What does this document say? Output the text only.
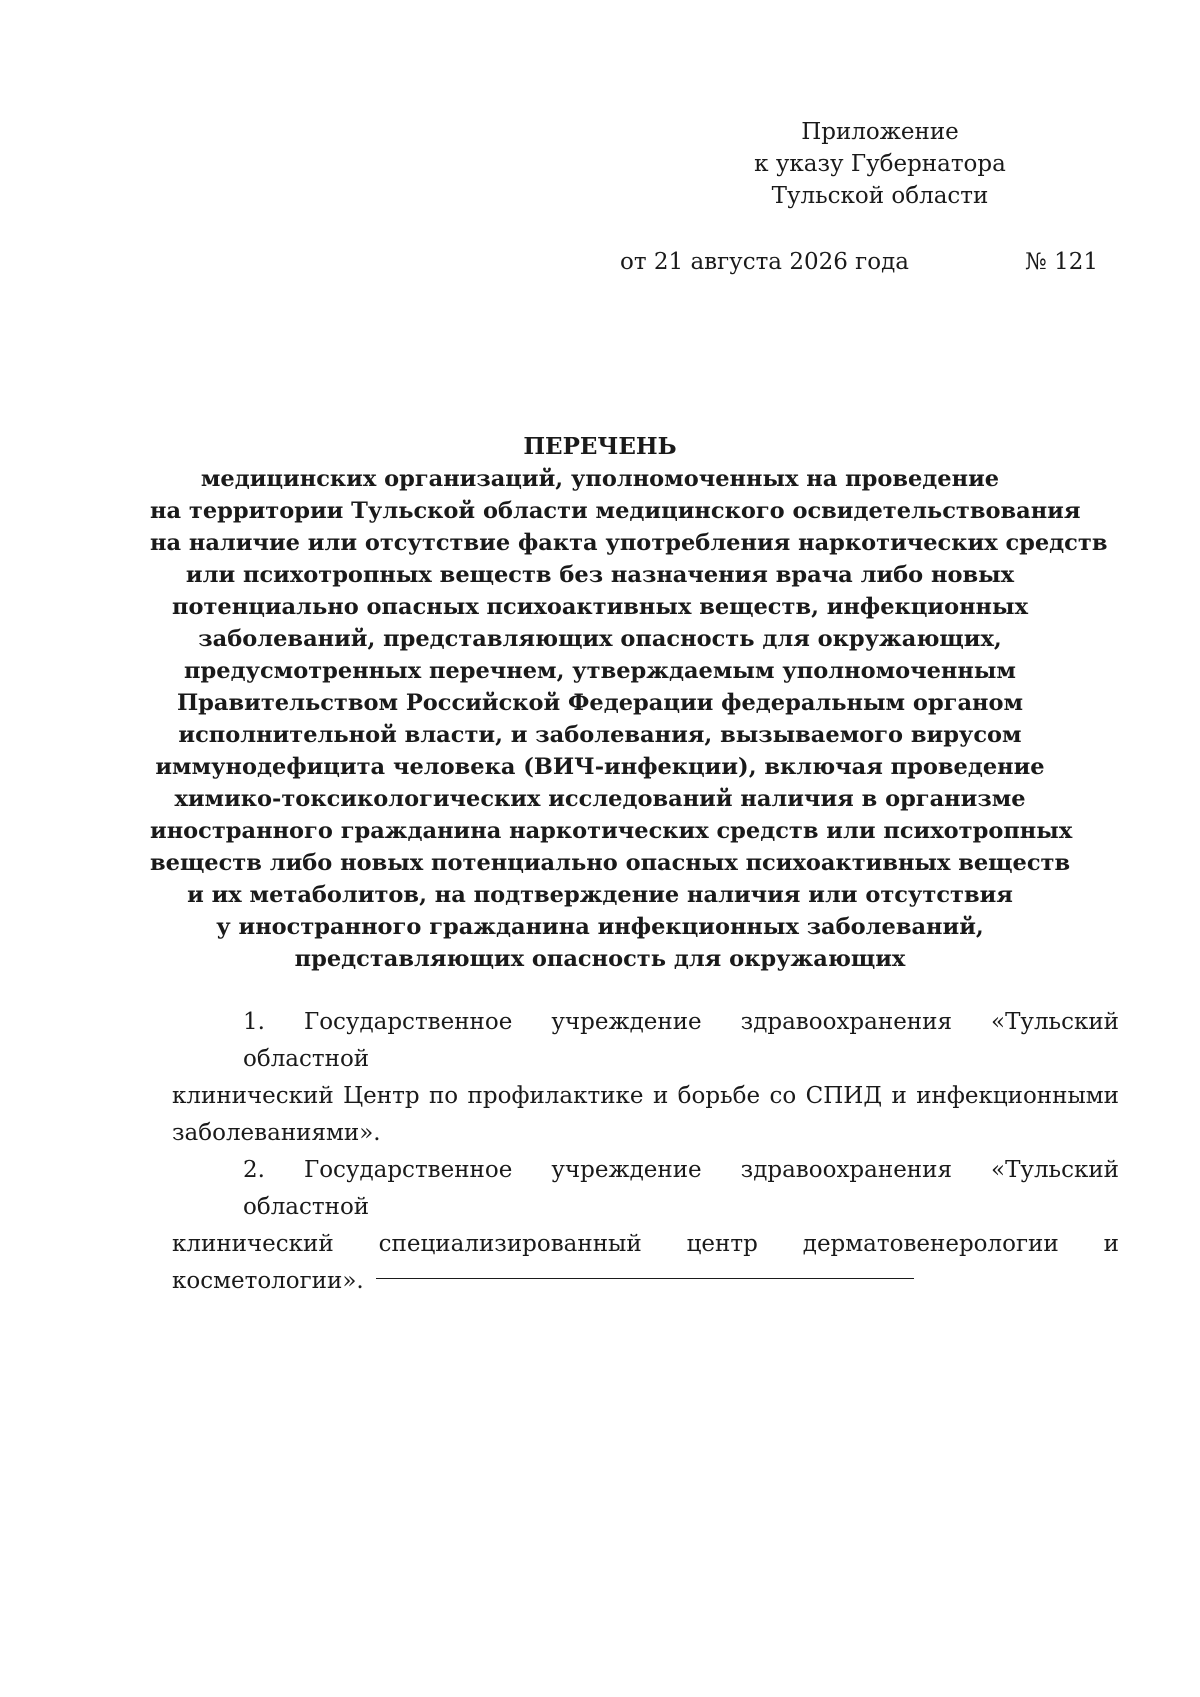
Приложение
к указу Губернатора
Тульской области
от 21 августа 2026 года	№ 121
ПЕРЕЧЕНЬ
медицинских организаций, уполномоченных на проведение
на территории Тульской области медицинского освидетельствования
на наличие или отсутствие факта употребления наркотических средств
или психотропных веществ без назначения врача либо новых
потенциально опасных психоактивных веществ, инфекционных
заболеваний, представляющих опасность для окружающих,
предусмотренных перечнем, утверждаемым уполномоченным
Правительством Российской Федерации федеральным органом
исполнительной власти, и заболевания, вызываемого вирусом
иммунодефицита человека (ВИЧ-инфекции), включая проведение
химико-токсикологических исследований наличия в организме
иностранного гражданина наркотических средств или психотропных
веществ либо новых потенциально опасных психоактивных веществ
и их метаболитов, на подтверждение наличия или отсутствия
у иностранного гражданина инфекционных заболеваний,
представляющих опасность для окружающих

1. Государственное учреждение здравоохранения «Тульский областной
клинический Центр по профилактике и борьбе со СПИД и инфекционными
заболеваниями».

2. Государственное учреждение здравоохранения «Тульский областной
клинический специализированный центр дерматовенерологии и
косметологии».
